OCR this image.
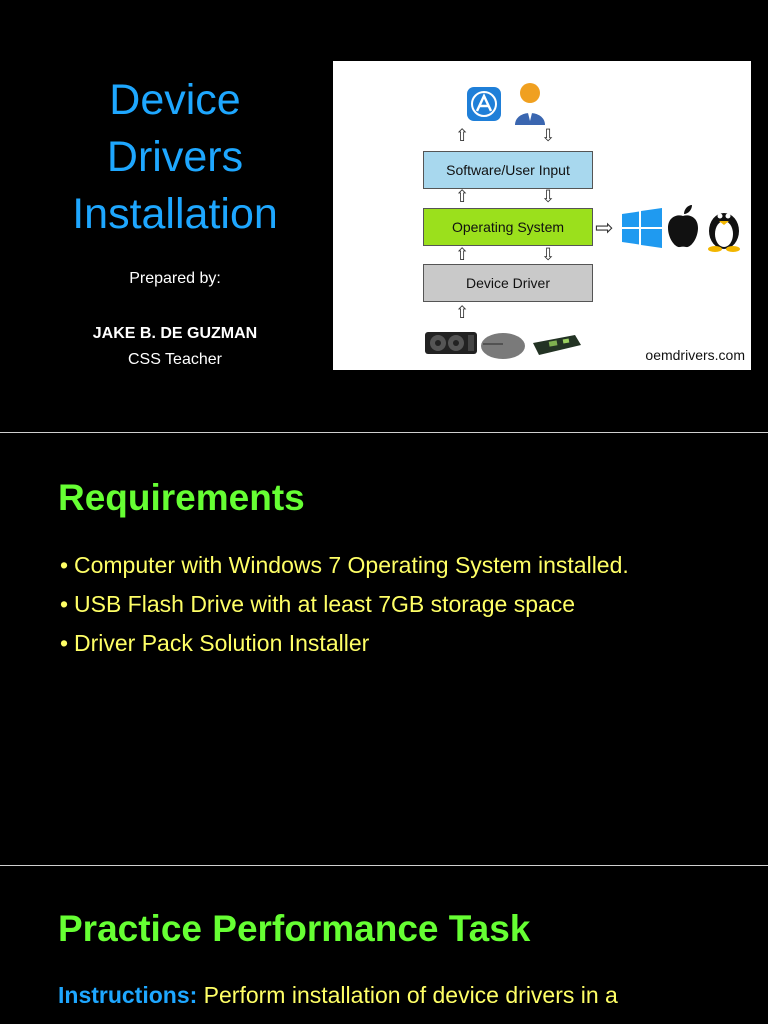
Device
Drivers
Installation
Prepared by:
JAKE B. DE GUZMAN
CSS Teacher
⇧	⇩
Software/User Input
⇧	⇩
Operating System	⇨
⇧	⇩
Device Driver
⇧
oemdrivers.com
Requirements
• Computer with Windows 7 Operating System installed.
• USB Flash Drive with at least 7GB storage space
• Driver Pack Solution Installer
Practice Performance Task
Instructions: Perform installation of device drivers in a
